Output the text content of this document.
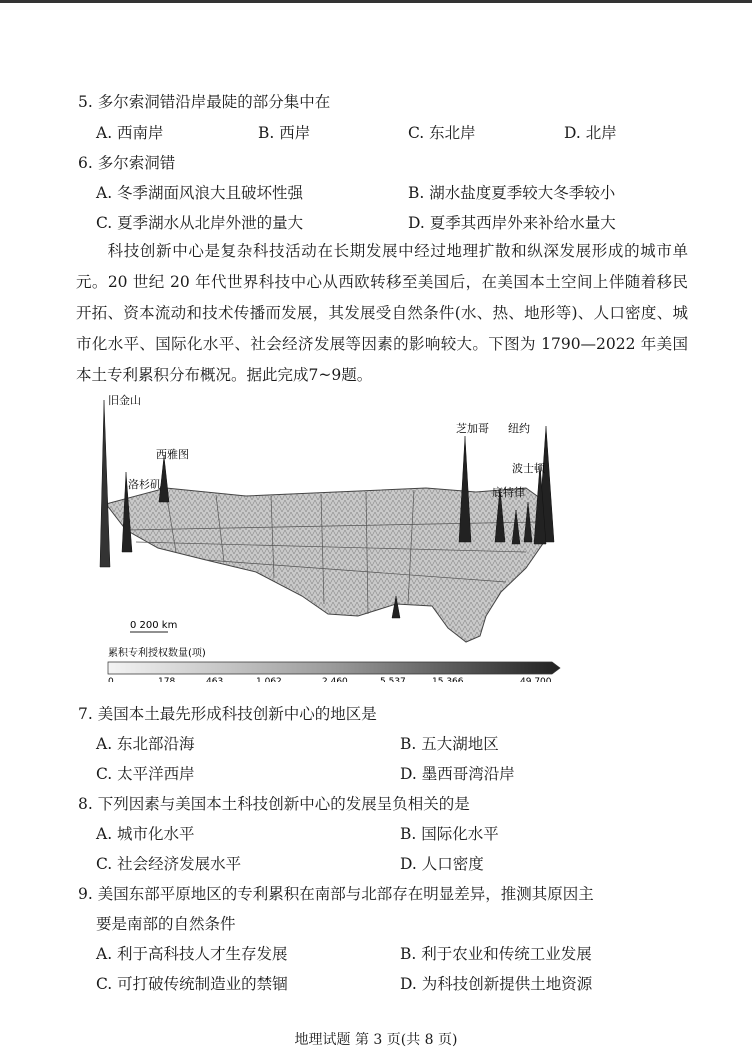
5. 多尔索洞错沿岸最陡的部分集中在
A. 西南岸	B. 西岸	C. 东北岸	D. 北岸
6. 多尔索洞错
A. 冬季湖面风浪大且破坏性强	B. 湖水盐度夏季较大冬季较小
C. 夏季湖水从北岸外泄的量大	D. 夏季其西岸外来补给水量大
科技创新中心是复杂科技活动在长期发展中经过地理扩散和纵深发展形成的城市单元。20 世纪 20 年代世界科技中心从西欧转移至美国后，在美国本土空间上伴随着移民开拓、资本流动和技术传播而发展，其发展受自然条件(水、热、地形等)、人口密度、城市化水平、国际化水平、社会经济发展等因素的影响较大。下图为 1790—2022 年美国本土专利累积分布概况。据此完成7~9题。
旧金山
西雅图
洛杉矶
芝加哥 纽约
波士顿
底特律
0 200 km
累积专利授权数量(项)
0	178	463	1 062	2 460	5 537	15 366	49 700
7. 美国本土最先形成科技创新中心的地区是
A. 东北部沿海	B. 五大湖地区
C. 太平洋西岸	D. 墨西哥湾沿岸
8. 下列因素与美国本土科技创新中心的发展呈负相关的是
A. 城市化水平	B. 国际化水平
C. 社会经济发展水平	D. 人口密度
9. 美国东部平原地区的专利累积在南部与北部存在明显差异，推测其原因主
要是南部的自然条件
A. 利于高科技人才生存发展	B. 利于农业和传统工业发展
C. 可打破传统制造业的禁锢	D. 为科技创新提供土地资源
地理试题 第 3 页(共 8 页)
